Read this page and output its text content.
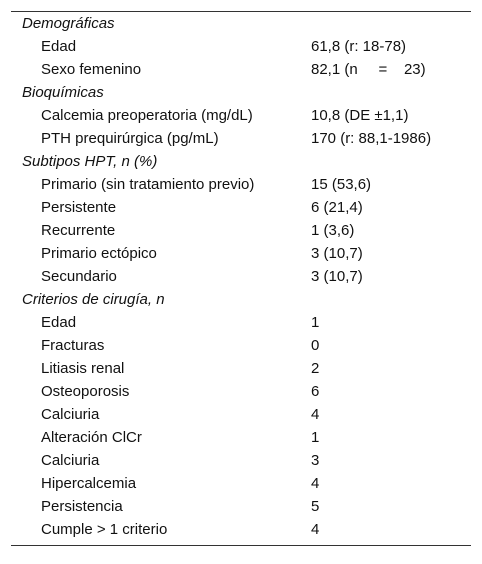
Demográficas
Edad	61,8 (r: 18-78)
Sexo femenino	82,1 (n     =    23)
Bioquímicas
Calcemia preoperatoria (mg/dL)	10,8 (DE ±1,1)
PTH prequirúrgica (pg/mL)	170 (r: 88,1-1986)
Subtipos HPT, n (%)
Primario (sin tratamiento previo)	15 (53,6)
Persistente	6 (21,4)
Recurrente	1 (3,6)
Primario ectópico	3 (10,7)
Secundario	3 (10,7)
Criterios de cirugía, n
Edad	1
Fracturas	0
Litiasis renal	2
Osteoporosis	6
Calciuria	4
Alteración ClCr	1
Calciuria	3
Hipercalcemia	4
Persistencia	5
Cumple > 1 criterio	4
